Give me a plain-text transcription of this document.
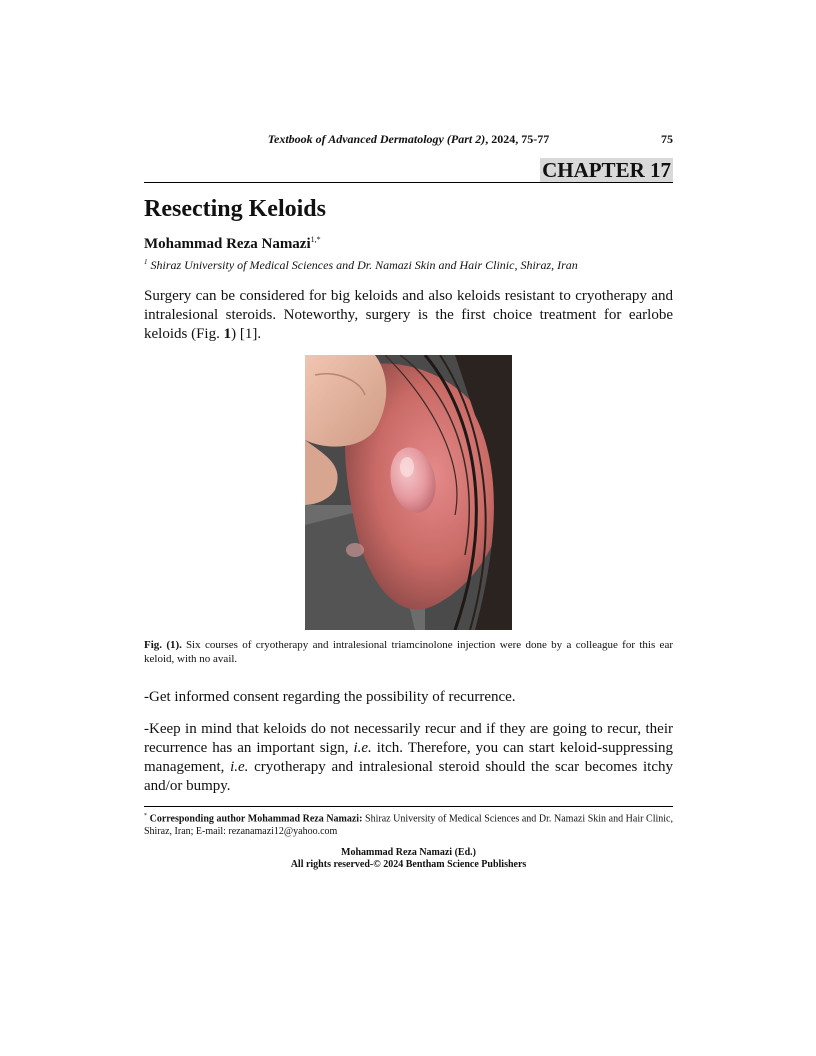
Textbook of Advanced Dermatology (Part 2), 2024, 75-77	75
CHAPTER 17
Resecting Keloids
Mohammad Reza Namazi$^{1,*}$
$^1$ Shiraz University of Medical Sciences and Dr. Namazi Skin and Hair Clinic, Shiraz, Iran

Surgery can be considered for big keloids and also keloids resistant to cryotherapy and intralesional steroids. Noteworthy, surgery is the first choice treatment for earlobe keloids (Fig. 1) [1].

Fig. (1). Six courses of cryotherapy and intralesional triamcinolone injection were done by a colleague for this ear keloid, with no avail.

-Get informed consent regarding the possibility of recurrence.

-Keep in mind that keloids do not necessarily recur and if they are going to recur, their recurrence has an important sign, i.e. itch. Therefore, you can start keloid-suppressing management, i.e. cryotherapy and intralesional steroid should the scar becomes itchy and/or bumpy.

* Corresponding author Mohammad Reza Namazi: Shiraz University of Medical Sciences and Dr. Namazi Skin and Hair Clinic, Shiraz, Iran; E-mail: rezanamazi12@yahoo.com
Mohammad Reza Namazi (Ed.)
All rights reserved-© 2024 Bentham Science Publishers
